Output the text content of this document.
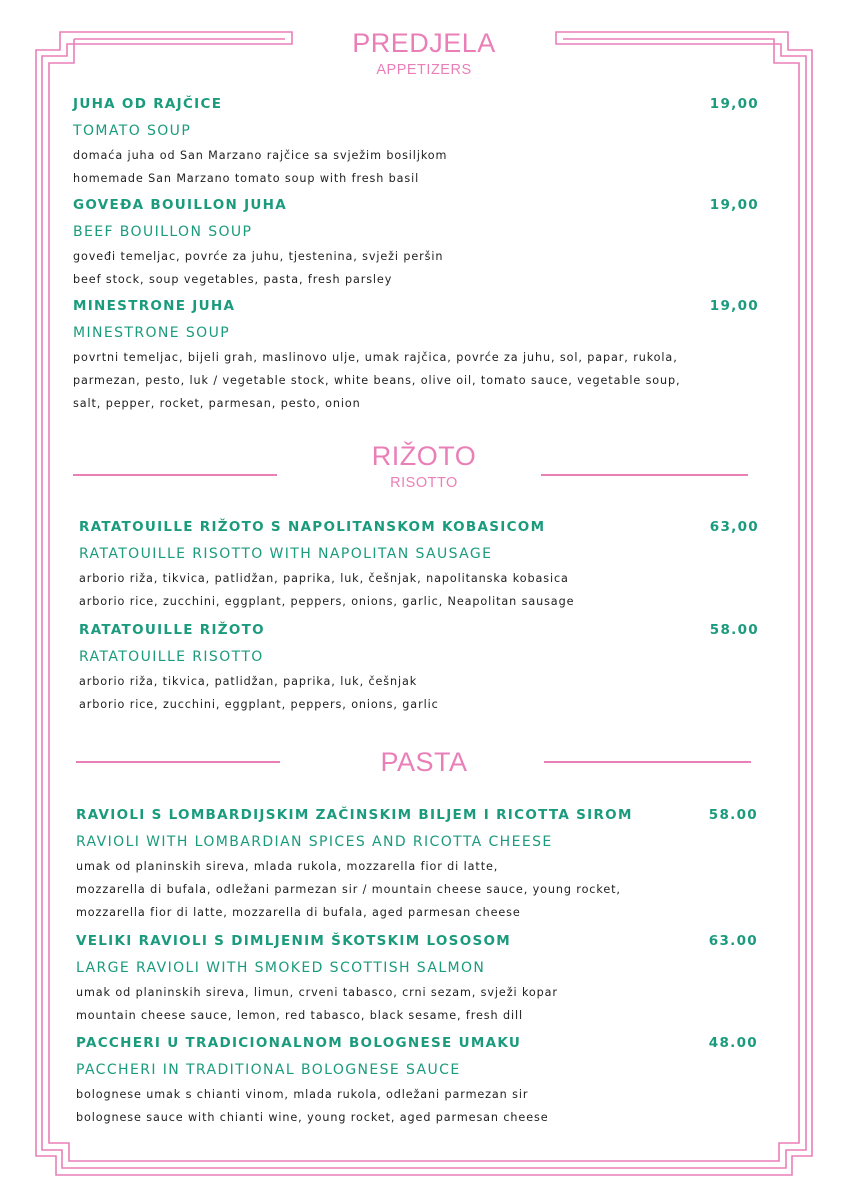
PREDJELA
APPETIZERS
JUHA OD RAJČICE	19,00
TOMATO SOUP
domaća juha od San Marzano rajčice sa svježim bosiljkom
homemade San Marzano tomato soup with fresh basil
GOVEĐA BOUILLON JUHA	19,00
BEEF BOUILLON SOUP
goveđi temeljac, povrće za juhu, tjestenina, svježi peršin
beef stock, soup vegetables, pasta, fresh parsley
MINESTRONE JUHA	19,00
MINESTRONE SOUP
povrtni temeljac, bijeli grah, maslinovo ulje, umak rajčica, povrće za juhu, sol, papar, rukola,
parmezan, pesto, luk / vegetable stock, white beans, olive oil, tomato sauce, vegetable soup,
salt, pepper, rocket, parmesan, pesto, onion
RIŽOTO
RISOTTO
RATATOUILLE RIŽOTO S NAPOLITANSKOM KOBASICOM	63,00
RATATOUILLE RISOTTO WITH NAPOLITAN SAUSAGE
arborio riža, tikvica, patlidžan, paprika, luk, češnjak, napolitanska kobasica
arborio rice, zucchini, eggplant, peppers, onions, garlic, Neapolitan sausage
RATATOUILLE RIŽOTO	58.00
RATATOUILLE RISOTTO
arborio riža, tikvica, patlidžan, paprika, luk, češnjak
arborio rice, zucchini, eggplant, peppers, onions, garlic
PASTA
RAVIOLI S LOMBARDIJSKIM ZAČINSKIM BILJEM I RICOTTA SIROM	58.00
RAVIOLI WITH LOMBARDIAN SPICES AND RICOTTA CHEESE
umak od planinskih sireva, mlada rukola, mozzarella fior di latte,
mozzarella di bufala, odležani parmezan sir / mountain cheese sauce, young rocket,
mozzarella fior di latte, mozzarella di bufala, aged parmesan cheese
VELIKI RAVIOLI S DIMLJENIM ŠKOTSKIM LOSOSOM	63.00
LARGE RAVIOLI WITH SMOKED SCOTTISH SALMON
umak od planinskih sireva, limun, crveni tabasco, crni sezam, svježi kopar
mountain cheese sauce, lemon, red tabasco, black sesame, fresh dill
PACCHERI U TRADICIONALNOM BOLOGNESE UMAKU	48.00
PACCHERI IN TRADITIONAL BOLOGNESE SAUCE
bolognese umak s chianti vinom, mlada rukola, odležani parmezan sir
bolognese sauce with chianti wine, young rocket, aged parmesan cheese
